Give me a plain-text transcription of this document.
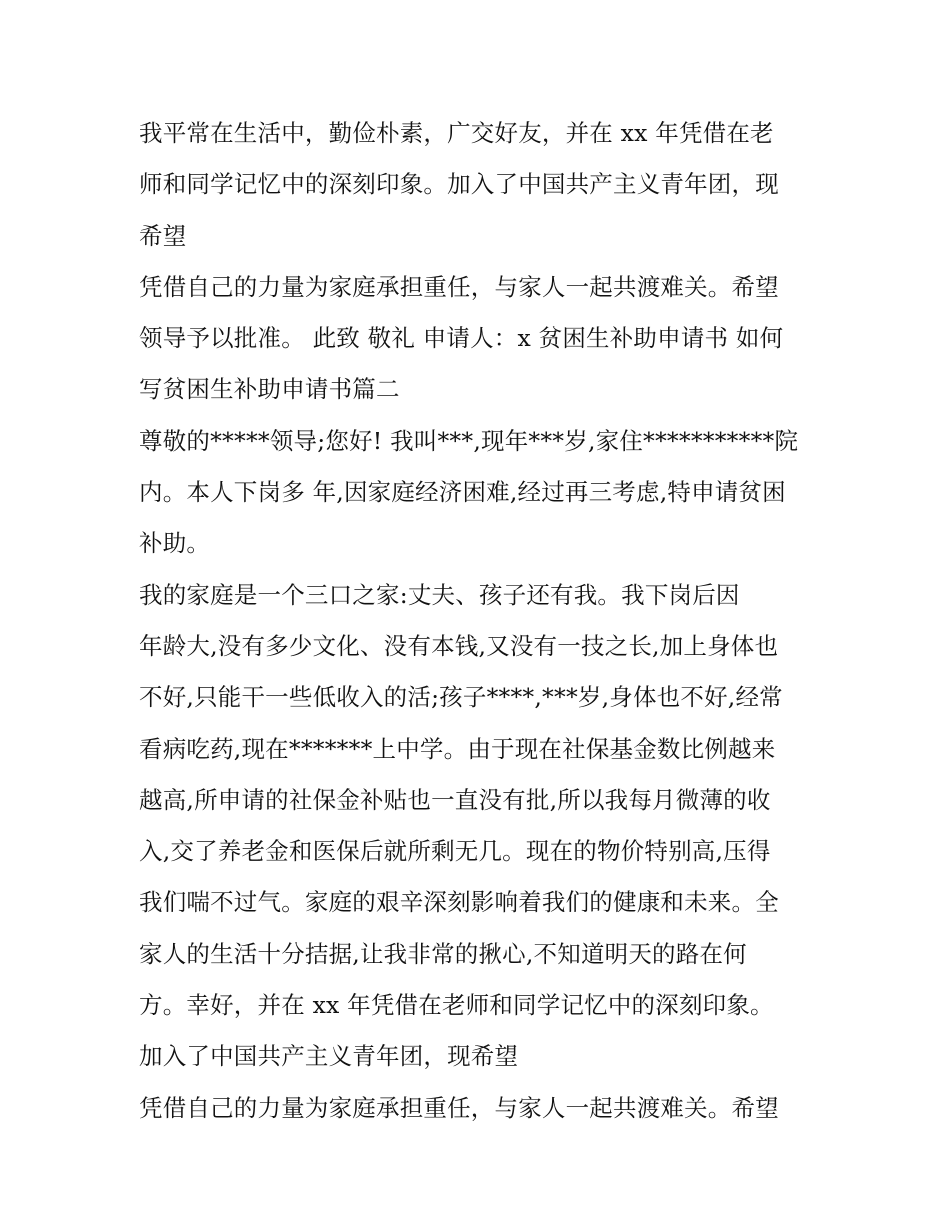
我平常在生活中，勤俭朴素，广交好友，并在 xx 年凭借在老
师和同学记忆中的深刻印象。加入了中国共产主义青年团，现
希望
凭借自己的力量为家庭承担重任，与家人一起共渡难关。希望
领导予以批准。 此致 敬礼 申请人：x 贫困生补助申请书 如何
写贫困生补助申请书篇二
尊敬的*****领导;您好! 我叫***,现年***岁,家住***********院
内。本人下岗多 年,因家庭经济困难,经过再三考虑,特申请贫困
补助。
我的家庭是一个三口之家:丈夫、孩子还有我。我下岗后因
年龄大,没有多少文化、没有本钱,又没有一技之长,加上身体也
不好,只能干一些低收入的活;孩子****,***岁,身体也不好,经常
看病吃药,现在*******上中学。由于现在社保基金数比例越来
越高,所申请的社保金补贴也一直没有批,所以我每月微薄的收
入,交了养老金和医保后就所剩无几。现在的物价特别高,压得
我们喘不过气。家庭的艰辛深刻影响着我们的健康和未来。全
家人的生活十分拮据,让我非常的揪心,不知道明天的路在何
方。幸好，并在 xx 年凭借在老师和同学记忆中的深刻印象。
加入了中国共产主义青年团，现希望
凭借自己的力量为家庭承担重任，与家人一起共渡难关。希望
